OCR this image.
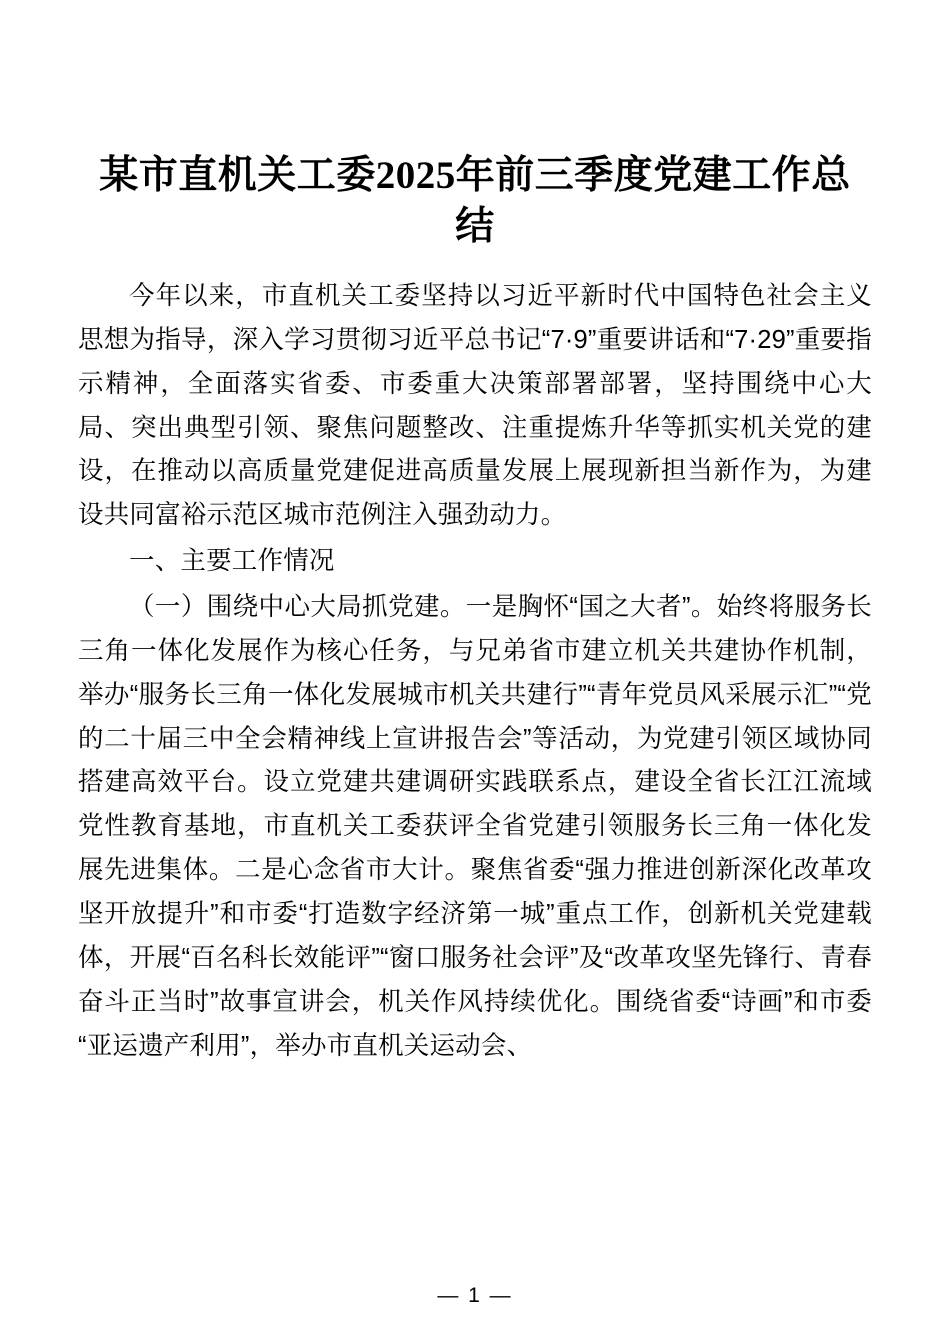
某市直机关工委2025年前三季度党建工作总结

今年以来，市直机关工委坚持以习近平新时代中国特色社会主义思想为指导，深入学习贯彻习近平总书记“7·9”重要讲话和“7·29”重要指示精神，全面落实省委、市委重大决策部署部署，坚持围绕中心大局、突出典型引领、聚焦问题整改、注重提炼升华等抓实机关党的建设，在推动以高质量党建促进高质量发展上展现新担当新作为，为建设共同富裕示范区城市范例注入强劲动力。

一、主要工作情况

（一）围绕中心大局抓党建。一是胸怀“国之大者”。始终将服务长三角一体化发展作为核心任务，与兄弟省市建立机关共建协作机制，举办“服务长三角一体化发展城市机关共建行”“青年党员风采展示汇”“党的二十届三中全会精神线上宣讲报告会”等活动，为党建引领区域协同搭建高效平台。设立党建共建调研实践联系点，建设全省长江江流域党性教育基地，市直机关工委获评全省党建引领服务长三角一体化发展先进集体。二是心念省市大计。聚焦省委“强力推进创新深化改革攻坚开放提升”和市委“打造数字经济第一城”重点工作，创新机关党建载体，开展“百名科长效能评”“窗口服务社会评”及“改革攻坚先锋行、青春奋斗正当时”故事宣讲会，机关作风持续优化。围绕省委“诗画”和市委“亚运遗产利用”，举办市直机关运动会、

— 1 —
